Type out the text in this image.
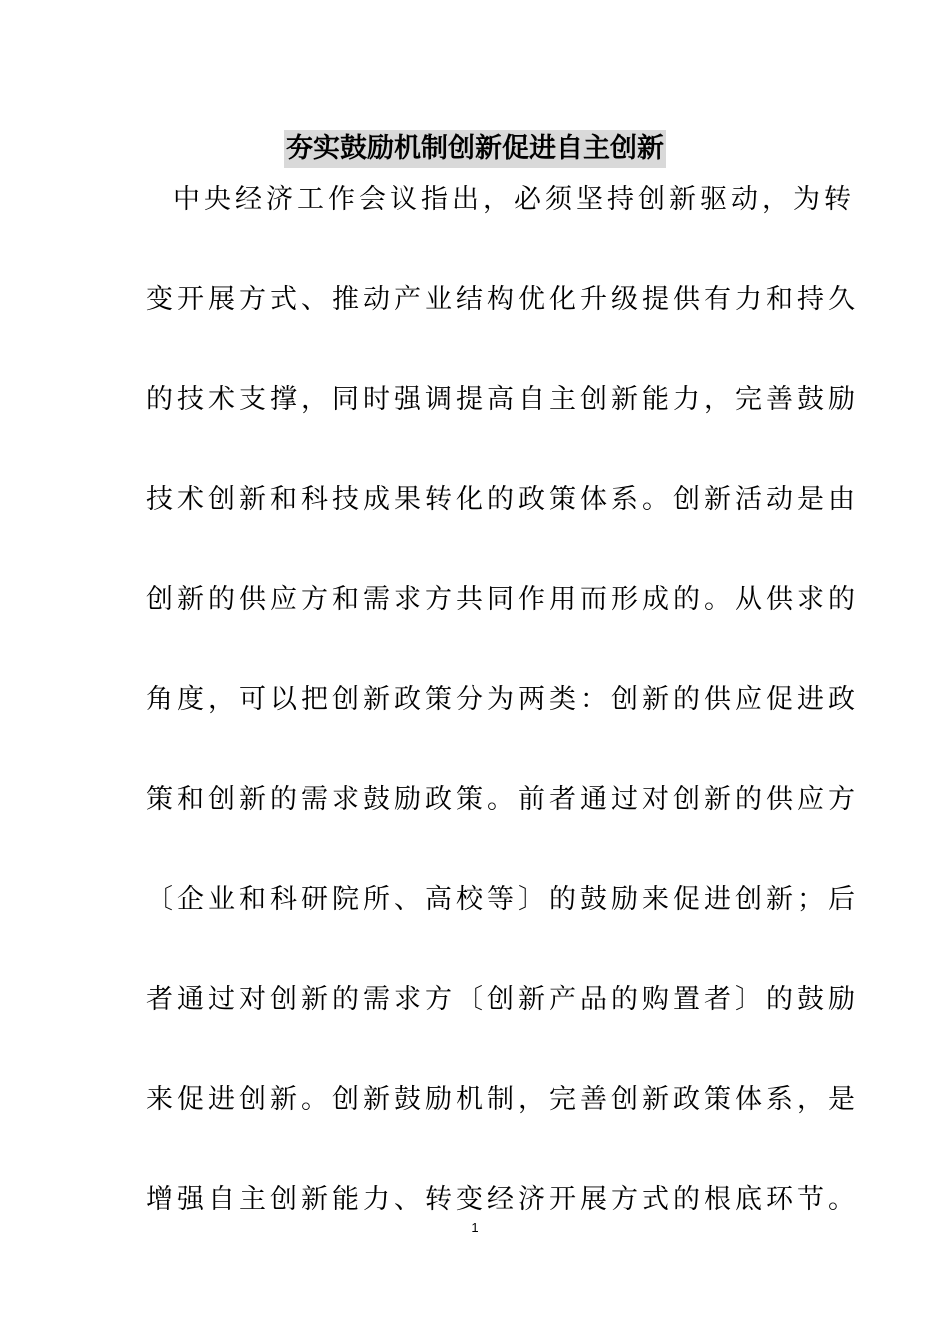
夯实鼓励机制创新促进自主创新
中央经济工作会议指出，必须坚持创新驱动，为转
变开展方式、推动产业结构优化升级提供有力和持久
的技术支撑，同时强调提高自主创新能力，完善鼓励
技术创新和科技成果转化的政策体系。创新活动是由
创新的供应方和需求方共同作用而形成的。从供求的
角度，可以把创新政策分为两类：创新的供应促进政
策和创新的需求鼓励政策。前者通过对创新的供应方
〔企业和科研院所、高校等〕的鼓励来促进创新；后
者通过对创新的需求方〔创新产品的购置者〕的鼓励
来促进创新。创新鼓励机制，完善创新政策体系，是
增强自主创新能力、转变经济开展方式的根底环节。
1
